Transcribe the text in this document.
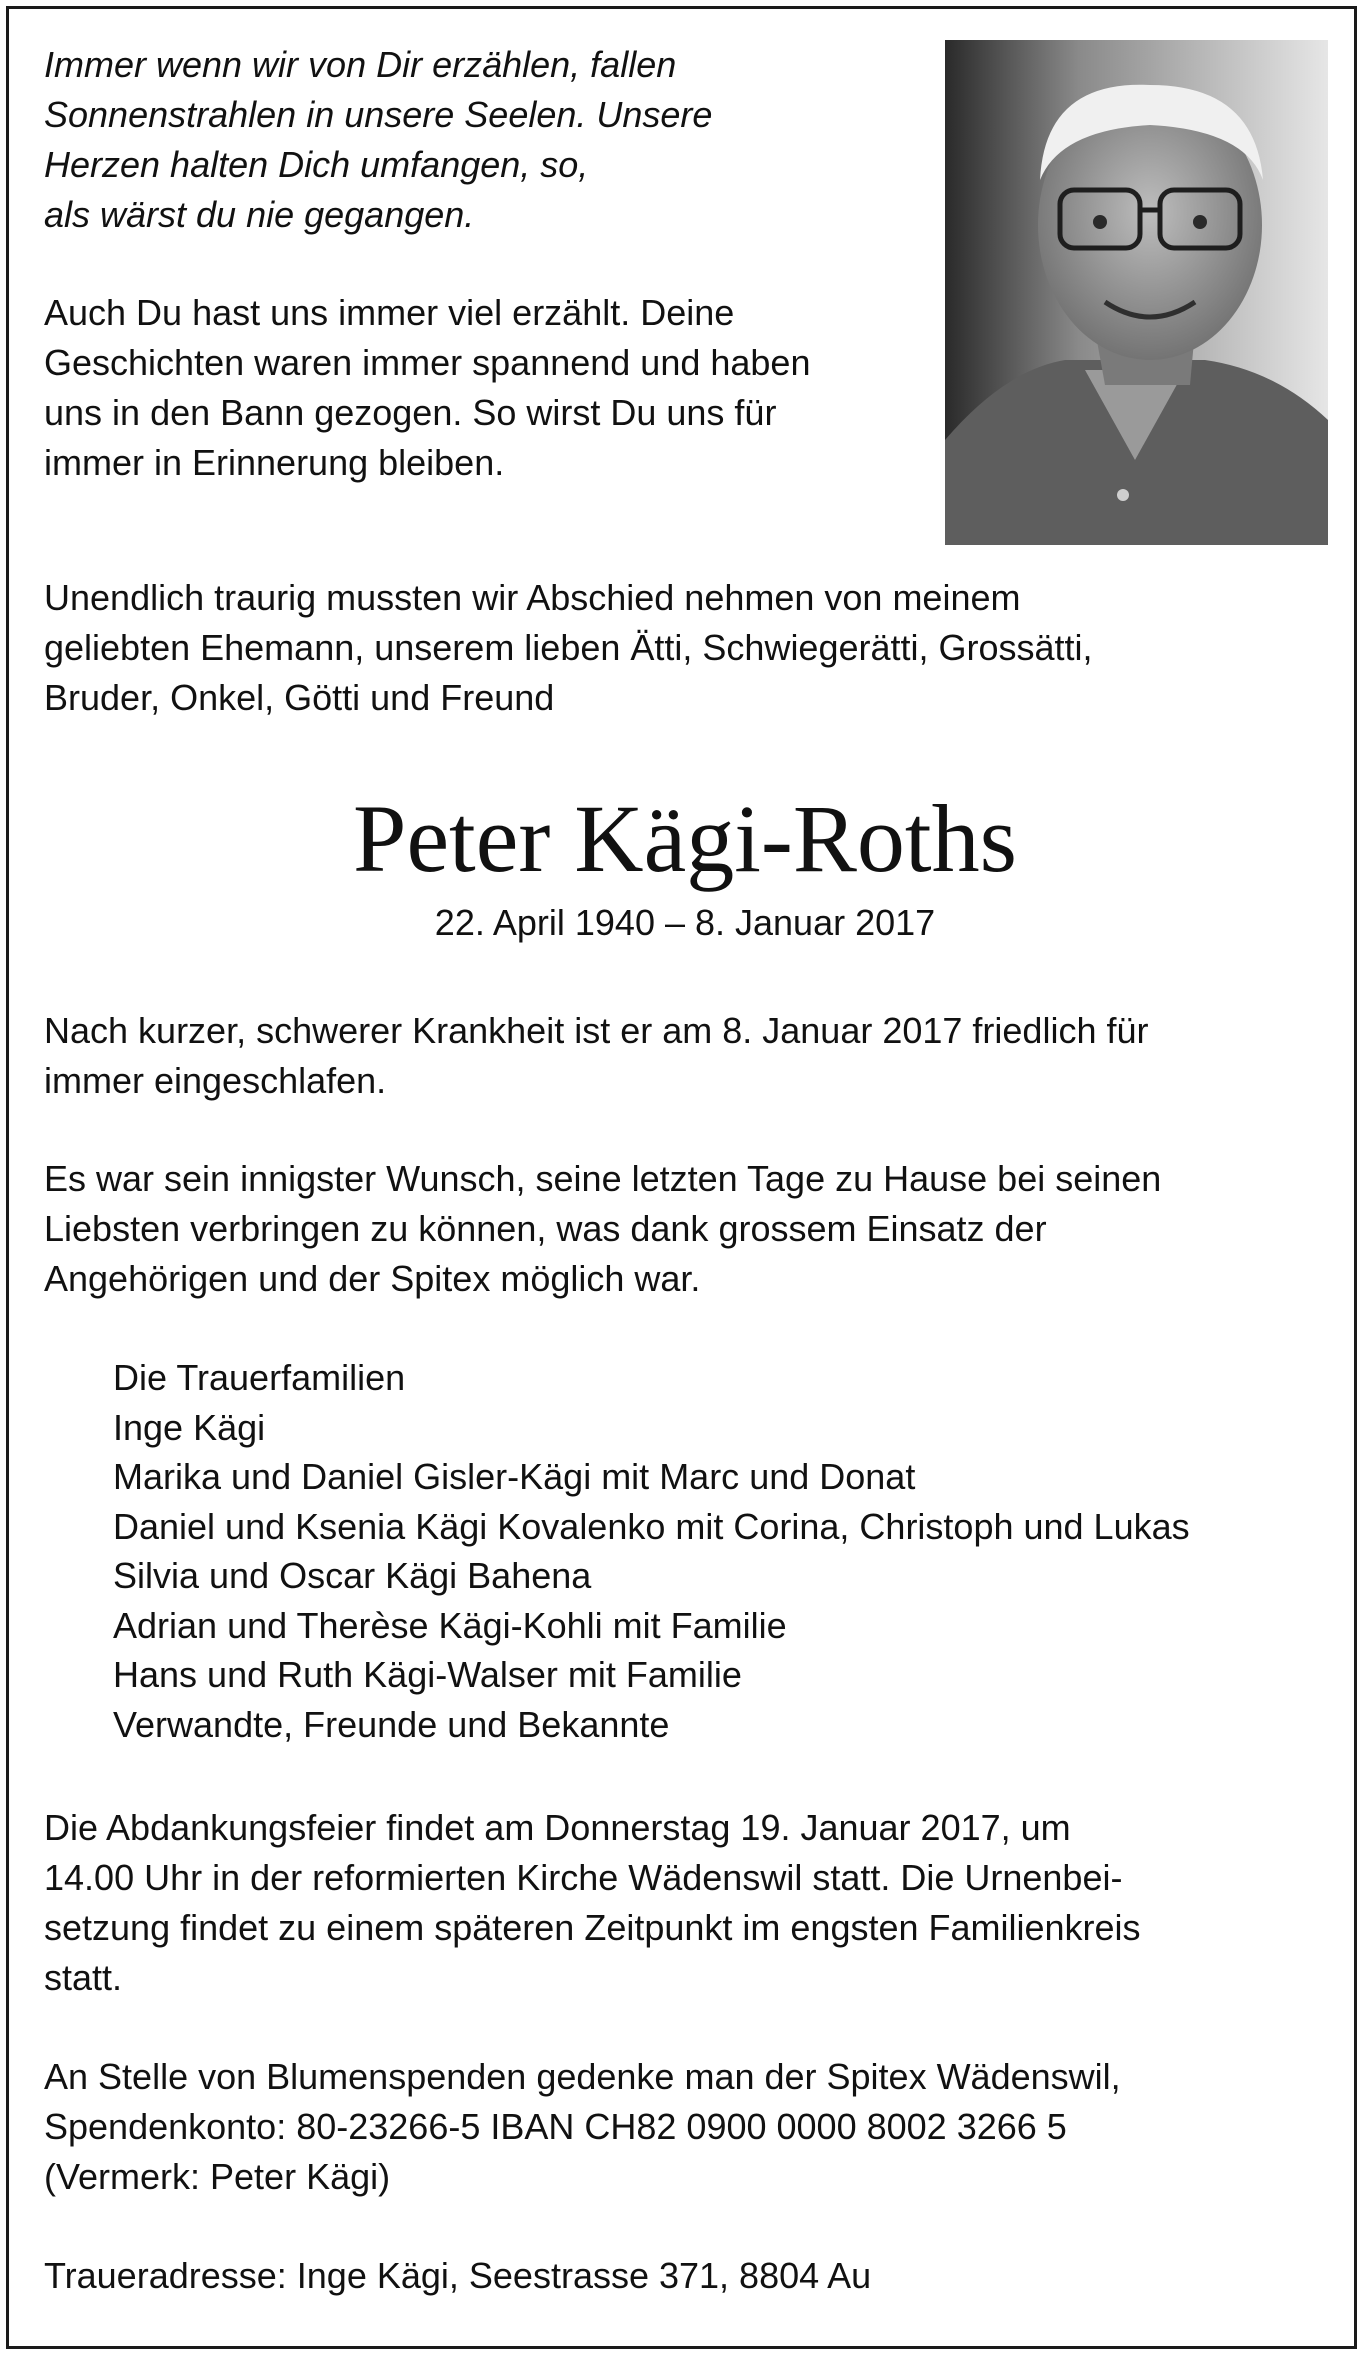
Immer wenn wir von Dir erzählen, fallen
Sonnenstrahlen in unsere Seelen. Unsere
Herzen halten Dich umfangen, so,
als wärst du nie gegangen.
Auch Du hast uns immer viel erzählt. Deine
Geschichten waren immer spannend und haben
uns in den Bann gezogen. So wirst Du uns für
immer in Erinnerung bleiben.
Unendlich traurig mussten wir Abschied nehmen von meinem
geliebten Ehemann, unserem lieben Ätti, Schwiegerätti, Grossätti,
Bruder, Onkel, Götti und Freund
Peter Kägi-Roths
22. April 1940 – 8. Januar 2017
Nach kurzer, schwerer Krankheit ist er am 8. Januar 2017 friedlich für
immer eingeschlafen.
Es war sein innigster Wunsch, seine letzten Tage zu Hause bei seinen
Liebsten verbringen zu können, was dank grossem Einsatz der
Angehörigen und der Spitex möglich war.
Die Trauerfamilien
Inge Kägi
Marika und Daniel Gisler-Kägi mit Marc und Donat
Daniel und Ksenia Kägi Kovalenko mit Corina, Christoph und Lukas
Silvia und Oscar Kägi Bahena
Adrian und Therèse Kägi-Kohli mit Familie
Hans und Ruth Kägi-Walser mit Familie
Verwandte, Freunde und Bekannte
Die Abdankungsfeier findet am Donnerstag 19. Januar 2017, um
14.00 Uhr in der reformierten Kirche Wädenswil statt. Die Urnenbei-
setzung findet zu einem späteren Zeitpunkt im engsten Familienkreis
statt.
An Stelle von Blumenspenden gedenke man der Spitex Wädenswil,
Spendenkonto: 80-23266-5 IBAN CH82 0900 0000 8002 3266 5
(Vermerk: Peter Kägi)
Traueradresse: Inge Kägi, Seestrasse 371, 8804 Au
